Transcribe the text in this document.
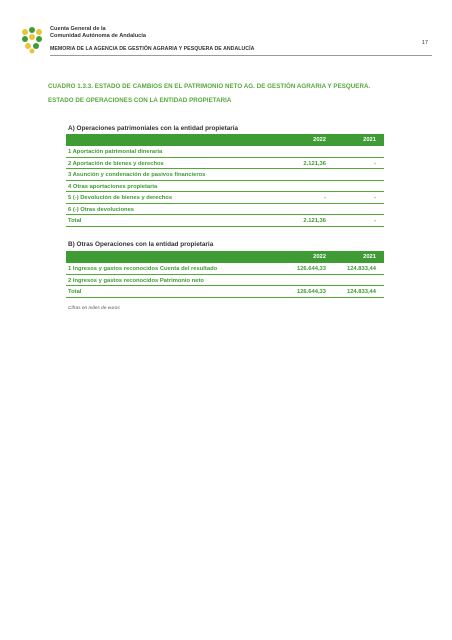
Cuenta General de la
Comunidad Autónoma de Andalucía
MEMORIA DE LA AGENCIA DE GESTIÓN AGRARIA Y PESQUERA DE ANDALUCÍA
17
CUADRO 1.3.3. ESTADO DE CAMBIOS EN EL PATRIMONIO NETO AG. DE GESTIÓN AGRARIA Y PESQUERA.
ESTADO DE OPERACIONES CON LA ENTIDAD PROPIETARIA
A) Operaciones patrimoniales con la entidad propietaria
2022	2021
1 Aportación patrimonial dineraria
2 Aportación de bienes y derechos	2.121,36	-
3 Asunción y condenación de pasivos financieros
4 Otras aportaciones propietaria
5 (-) Devolución de bienes y derechos	-	-
6 (-) Otras devoluciones
Total	2.121,36	-
B) Otras Operaciones con la entidad propietaria
2022	2021
1 Ingresos y gastos reconocidos Cuenta del resultado	126.644,33	124.833,44
2 Ingresos y gastos reconocidos Patrimonio neto
Total	126.644,33	124.833,44
Cifras en miles de euros
